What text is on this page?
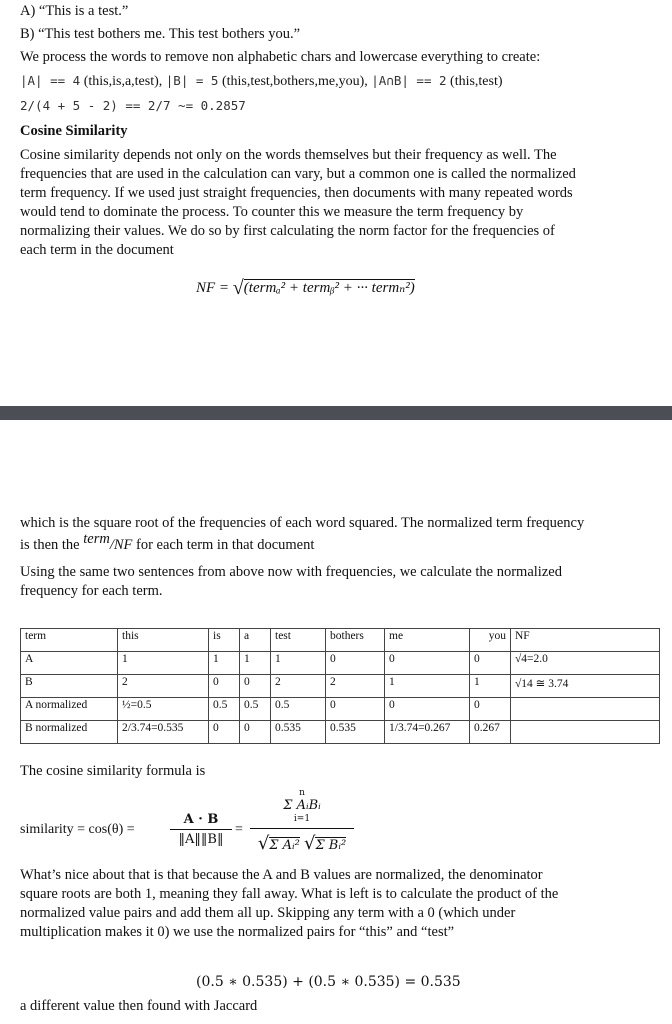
A) “This is a test.”
B) “This test bothers me. This test bothers you.”
We process the words to remove non alphabetic chars and lowercase everything to create:
|A| == 4 (this,is,a,test), |B| = 5 (this,test,bothers,me,you), |A∩B| == 2 (this,test)
2/(4 + 5 - 2) == 2/7 ~= 0.2857
Cosine Similarity
Cosine similarity depends not only on the words themselves but their frequency as well. The
frequencies that are used in the calculation can vary, but a common one is called the normalized
term frequency. If we used just straight frequencies, then documents with many repeated words
would tend to dominate the process. To counter this we measure the term frequency by
normalizing their values. We do so by first calculating the norm factor for the frequencies of
each term in the document
NF = √(termₐ² + termᵦ² + ··· termₙ²)
which is the square root of the frequencies of each word squared. The normalized term frequency
is then the term/NF for each term in that document
Using the same two sentences from above now with frequencies, we calculate the normalized
frequency for each term.
term	this	is	a	test	bothers	me	you	NF
A	1	1	1	1	0	0	0	√4=2.0
B	2	0	0	2	2	1	1	√14 ≅ 3.74
A normalized	½=0.5	0.5	0.5	0.5	0	0	0	
B normalized	2/3.74=0.535	0	0	0.535	0.535	1/3.74=0.267	0.267	
The cosine similarity formula is
similarity = cos(θ) =
A · B
‖A‖‖B‖
=
n
Σ AᵢBᵢ
i=1
√Σ Aᵢ² √Σ Bᵢ²
What’s nice about that is that because the A and B values are normalized, the denominator
square roots are both 1, meaning they fall away. What is left is to calculate the product of the
normalized value pairs and add them all up. Skipping any term with a 0 (which under
multiplication makes it 0) we use the normalized pairs for “this” and “test”
(0.5 ∗ 0.535) + (0.5 ∗ 0.535) = 0.535
a different value then found with Jaccard
